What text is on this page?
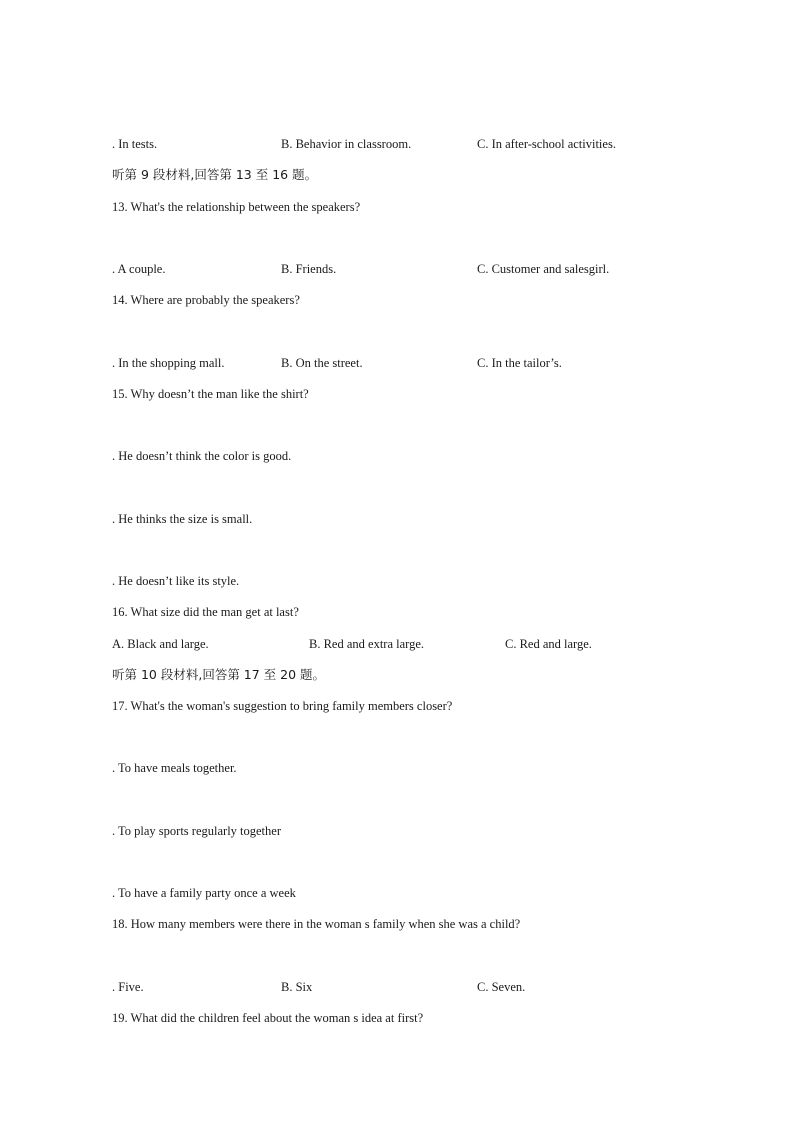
. In tests.	B. Behavior in classroom.	C. In after-school activities.
听第 9 段材料,回答第 13 至 16 题。
13. What's the relationship between the speakers?
. A couple.	B. Friends.	C. Customer and salesgirl.
14. Where are probably the speakers?
. In the shopping mall.	B. On the street.	C. In the tailor’s.
15. Why doesn’t the man like the shirt?
. He doesn’t think the color is good.
. He thinks the size is small.
. He doesn’t like its style.
16. What size did the man get at last?
A. Black and large.	B. Red and extra large.	C. Red and large.
听第 10 段材料,回答第 17 至 20 题。
17. What's the woman's suggestion to bring family members closer?
. To have meals together.
. To play sports regularly together
. To have a family party once a week
18. How many members were there in the woman s family when she was a child?
. Five.	B. Six	C. Seven.
19. What did the children feel about the woman s idea at first?
